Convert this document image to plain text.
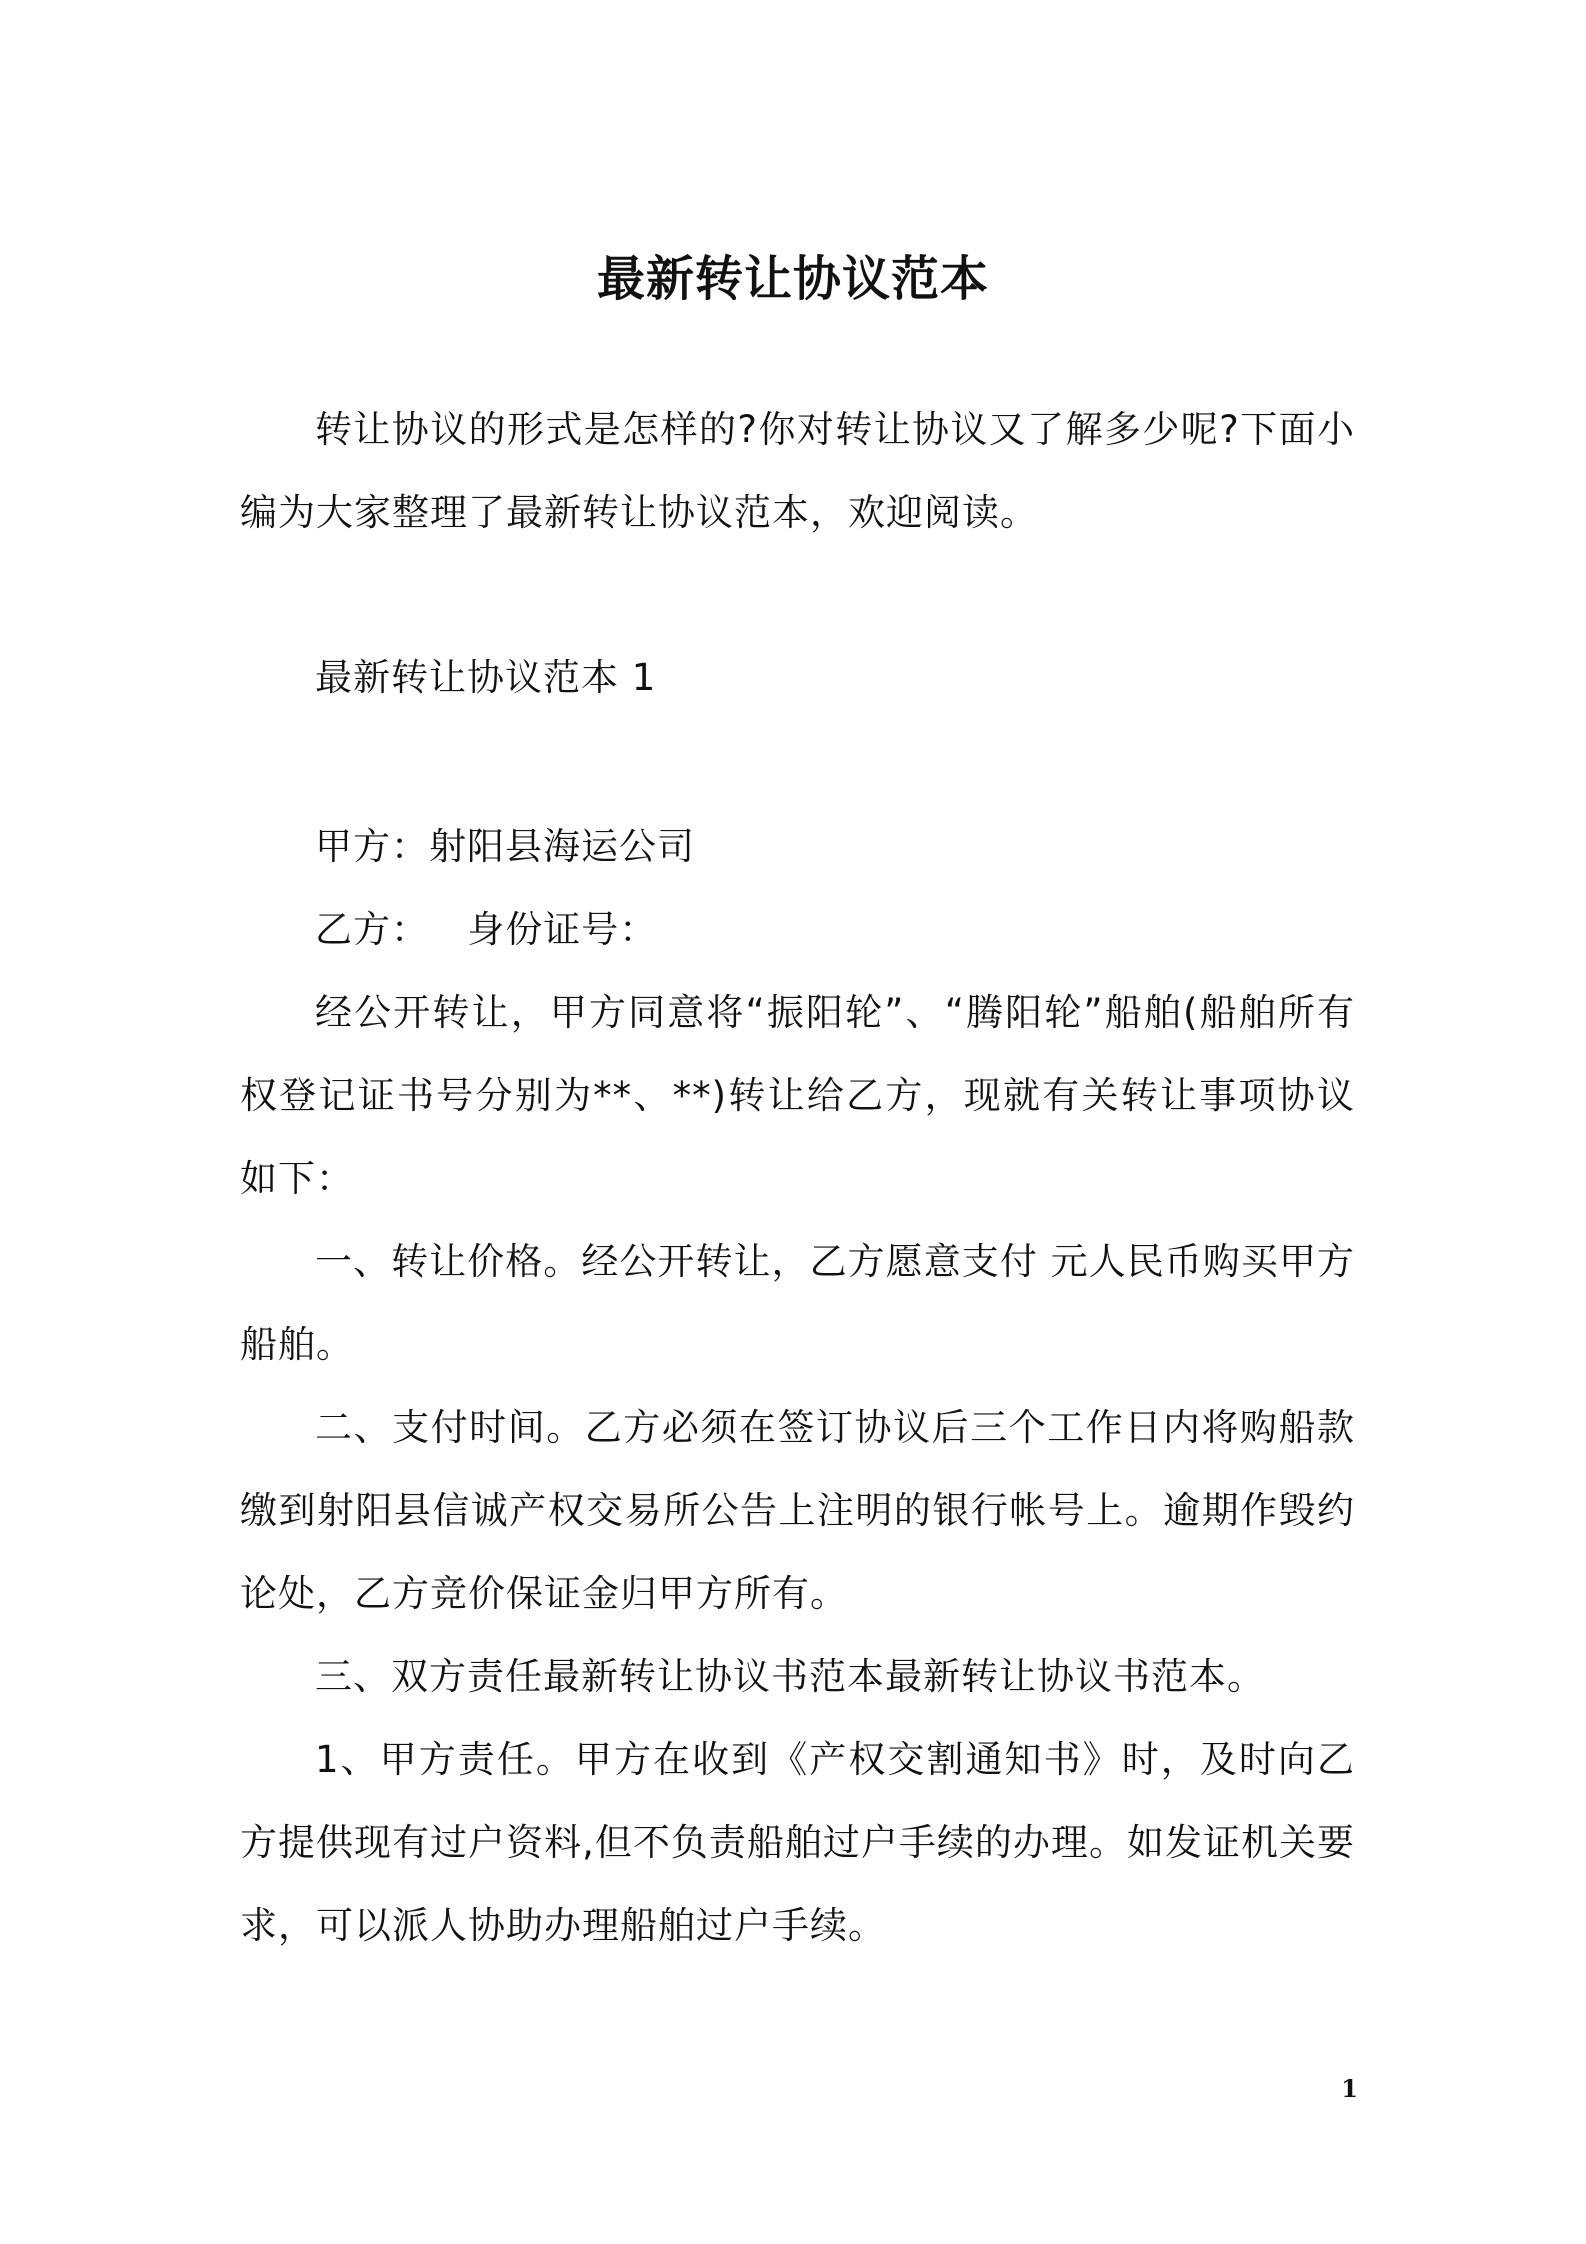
最新转让协议范本

转让协议的形式是怎样的?你对转让协议又了解多少呢?下面小编为大家整理了最新转让协议范本，欢迎阅读。

最新转让协议范本 1

甲方：射阳县海运公司

乙方：   身份证号：

经公开转让，甲方同意将“振阳轮”、“腾阳轮”船舶(船舶所有权登记证书号分别为**、**)转让给乙方，现就有关转让事项协议如下：

一、转让价格。经公开转让，乙方愿意支付 元人民币购买甲方船舶。

二、支付时间。乙方必须在签订协议后三个工作日内将购船款缴到射阳县信诚产权交易所公告上注明的银行帐号上。逾期作毁约论处，乙方竞价保证金归甲方所有。

三、双方责任最新转让协议书范本最新转让协议书范本。

1、甲方责任。甲方在收到《产权交割通知书》时，及时向乙方提供现有过户资料,但不负责船舶过户手续的办理。如发证机关要求，可以派人协助办理船舶过户手续。

1
